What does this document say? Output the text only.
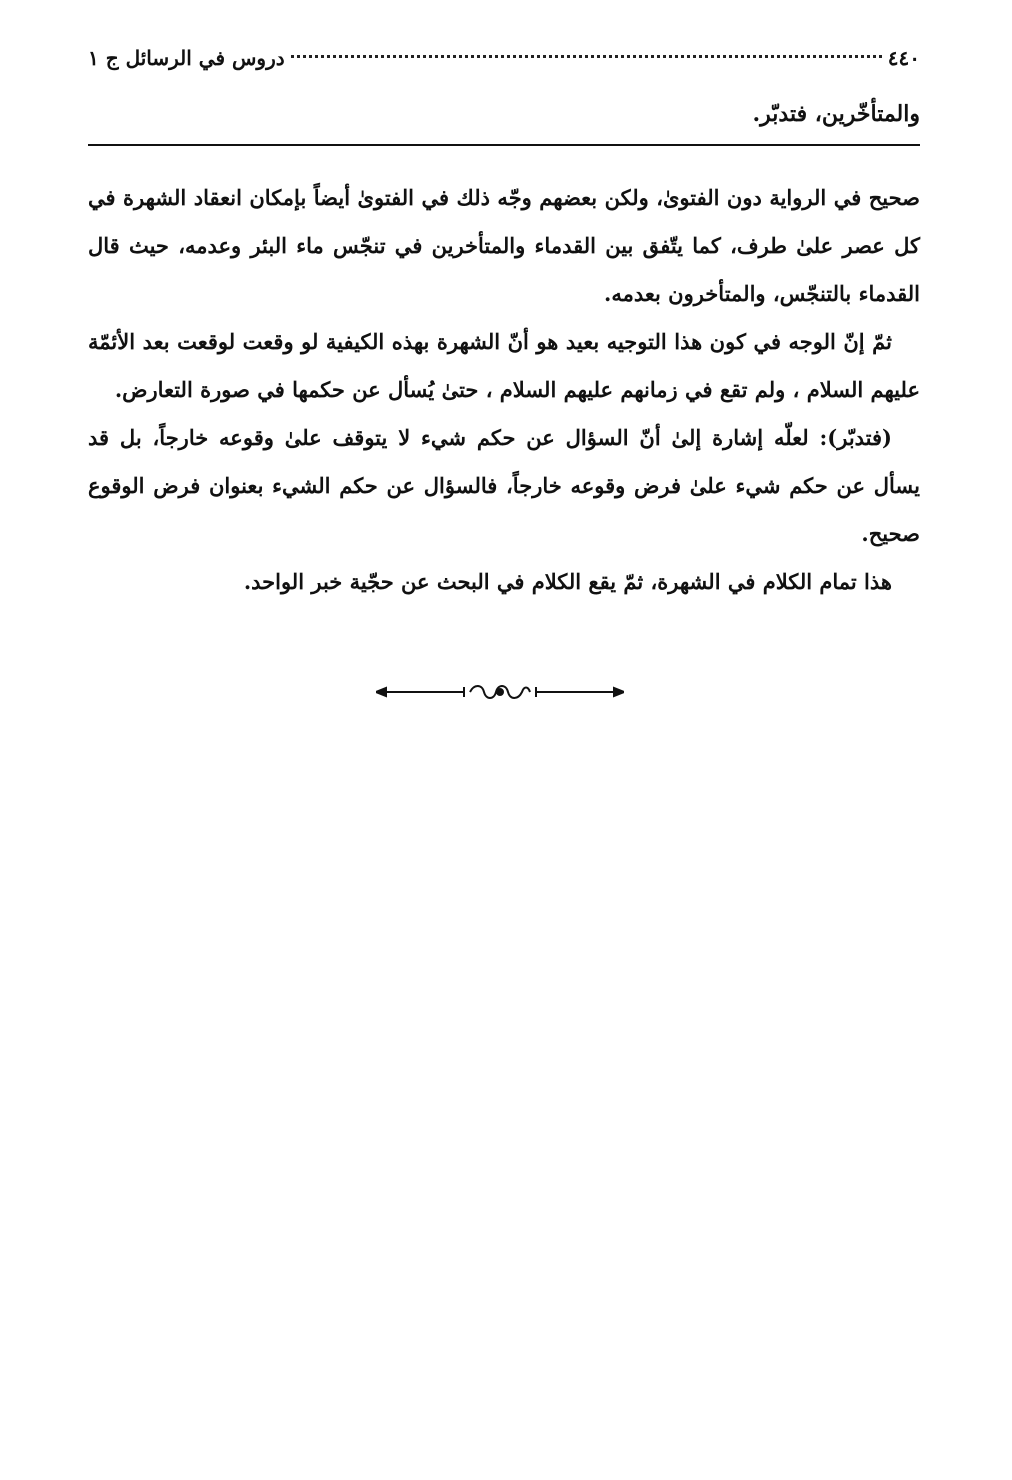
٤٤٠
دروس في الرسائل ج ١
والمتأخّرين، فتدبّر.

صحيح في الرواية دون الفتوىٰ، ولكن بعضهم وجّه ذلك في الفتوىٰ أيضاً بإمكان انعقاد الشهرة في كل عصر علىٰ طرف، كما يتّفق بين القدماء والمتأخرين في تنجّس ماء البئر وعدمه، حيث قال القدماء بالتنجّس، والمتأخرون بعدمه.

ثمّ إنّ الوجه في كون هذا التوجيه بعيد هو أنّ الشهرة بهذه الكيفية لو وقعت لوقعت بعد الأئمّة عليهم السلام ، ولم تقع في زمانهم عليهم السلام ، حتىٰ يُسأل عن حكمها في صورة التعارض.

(فتدبّر): لعلّه إشارة إلىٰ أنّ السؤال عن حكم شيء لا يتوقف علىٰ وقوعه خارجاً، بل قد يسأل عن حكم شيء علىٰ فرض وقوعه خارجاً، فالسؤال عن حكم الشيء بعنوان فرض الوقوع صحيح.

هذا تمام الكلام في الشهرة، ثمّ يقع الكلام في البحث عن حجّية خبر الواحد.
